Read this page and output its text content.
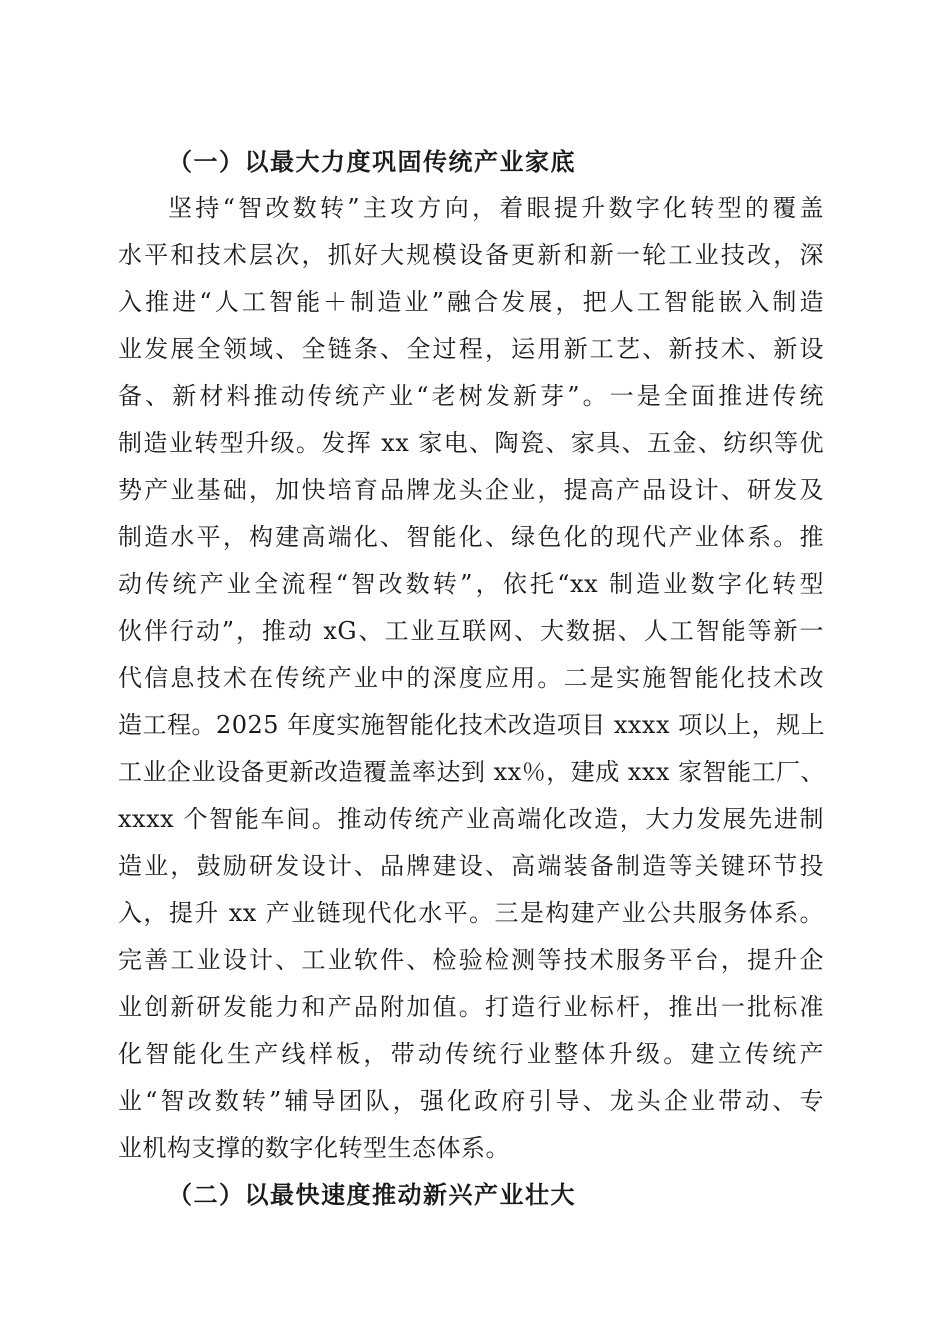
（一）以最大力度巩固传统产业家底
坚持“智改数转”主攻方向，着眼提升数字化转型的覆盖
水平和技术层次，抓好大规模设备更新和新一轮工业技改，深
入推进“人工智能＋制造业”融合发展，把人工智能嵌入制造
业发展全领域、全链条、全过程，运用新工艺、新技术、新设
备、新材料推动传统产业“老树发新芽”。一是全面推进传统
制造业转型升级。发挥 xx 家电、陶瓷、家具、五金、纺织等优
势产业基础，加快培育品牌龙头企业，提高产品设计、研发及
制造水平，构建高端化、智能化、绿色化的现代产业体系。推
动传统产业全流程“智改数转”，依托“xx 制造业数字化转型
伙伴行动”，推动 xG、工业互联网、大数据、人工智能等新一
代信息技术在传统产业中的深度应用。二是实施智能化技术改
造工程。2025 年度实施智能化技术改造项目 xxxx 项以上，规上
工业企业设备更新改造覆盖率达到 xx％，建成 xxx 家智能工厂、
xxxx 个智能车间。推动传统产业高端化改造，大力发展先进制
造业，鼓励研发设计、品牌建设、高端装备制造等关键环节投
入，提升 xx 产业链现代化水平。三是构建产业公共服务体系。
完善工业设计、工业软件、检验检测等技术服务平台，提升企
业创新研发能力和产品附加值。打造行业标杆，推出一批标准
化智能化生产线样板，带动传统行业整体升级。建立传统产
业“智改数转”辅导团队，强化政府引导、龙头企业带动、专
业机构支撑的数字化转型生态体系。
（二）以最快速度推动新兴产业壮大
